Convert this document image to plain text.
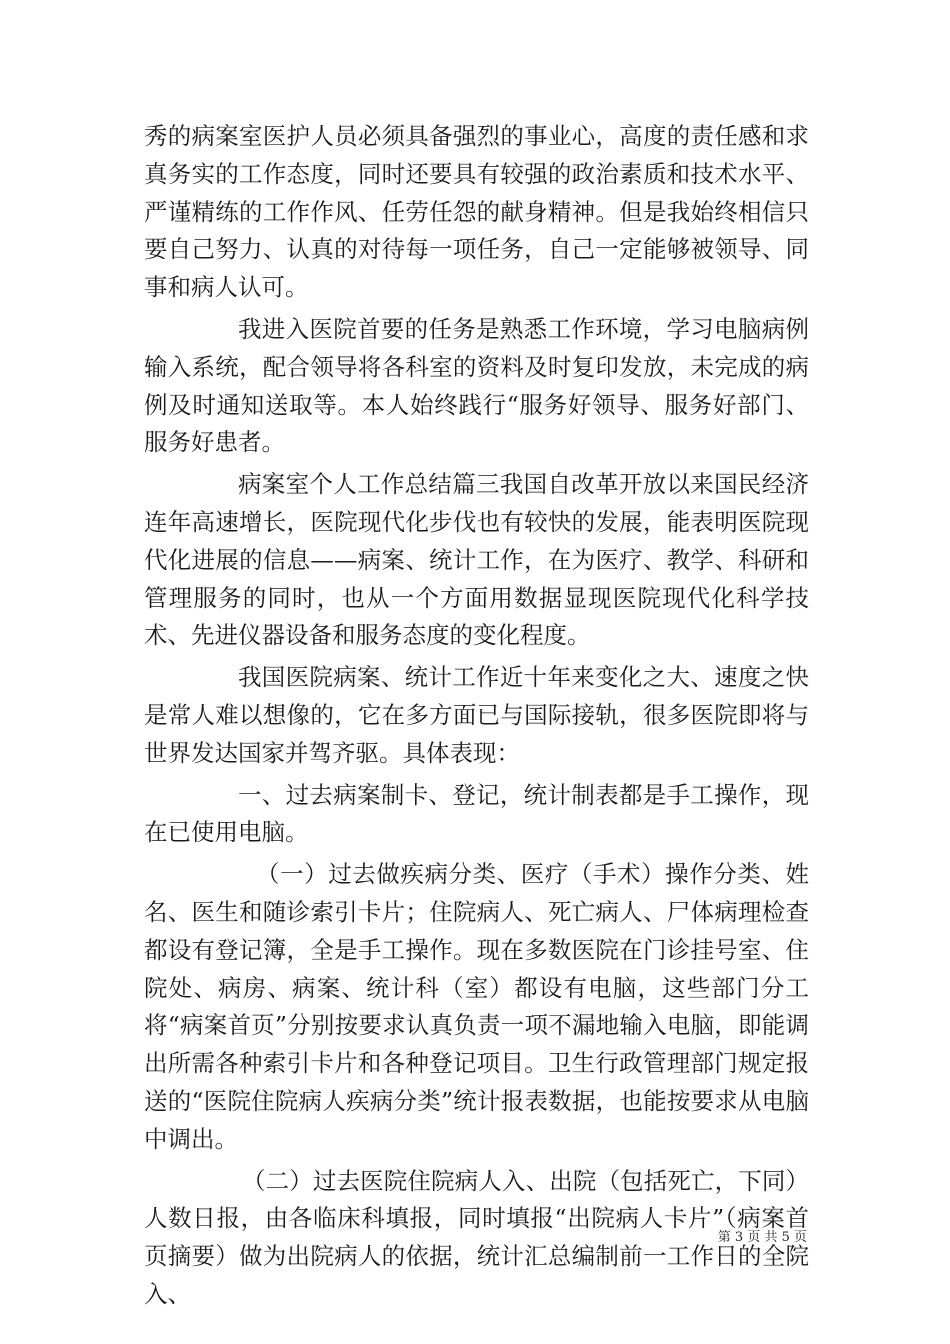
秀的病案室医护人员必须具备强烈的事业心，高度的责任感和求真务实的工作态度，同时还要具有较强的政治素质和技术水平、严谨精练的工作作风、任劳任怨的献身精神。但是我始终相信只要自己努力、认真的对待每一项任务，自己一定能够被领导、同事和病人认可。

我进入医院首要的任务是熟悉工作环境，学习电脑病例输入系统，配合领导将各科室的资料及时复印发放，未完成的病例及时通知送取等。本人始终践行“服务好领导、服务好部门、服务好患者。

病案室个人工作总结篇三我国自改革开放以来国民经济连年高速增长，医院现代化步伐也有较快的发展，能表明医院现代化进展的信息——病案、统计工作，在为医疗、教学、科研和管理服务的同时，也从一个方面用数据显现医院现代化科学技术、先进仪器设备和服务态度的变化程度。

我国医院病案、统计工作近十年来变化之大、速度之快是常人难以想像的，它在多方面已与国际接轨，很多医院即将与世界发达国家并驾齐驱。具体表现：

一、过去病案制卡、登记，统计制表都是手工操作，现在已使用电脑。

（一）过去做疾病分类、医疗（手术）操作分类、姓名、医生和随诊索引卡片；住院病人、死亡病人、尸体病理检查都设有登记簿，全是手工操作。现在多数医院在门诊挂号室、住院处、病房、病案、统计科（室）都设有电脑，这些部门分工将“病案首页”分别按要求认真负责一项不漏地输入电脑，即能调出所需各种索引卡片和各种登记项目。卫生行政管理部门规定报送的“医院住院病人疾病分类”统计报表数据，也能按要求从电脑中调出。

（二）过去医院住院病人入、出院（包括死亡，下同）人数日报，由各临床科填报，同时填报“出院病人卡片”（病案首页摘要）做为出院病人的依据，统计汇总编制前一工作日的全院入、

第 3 页 共 5 页
